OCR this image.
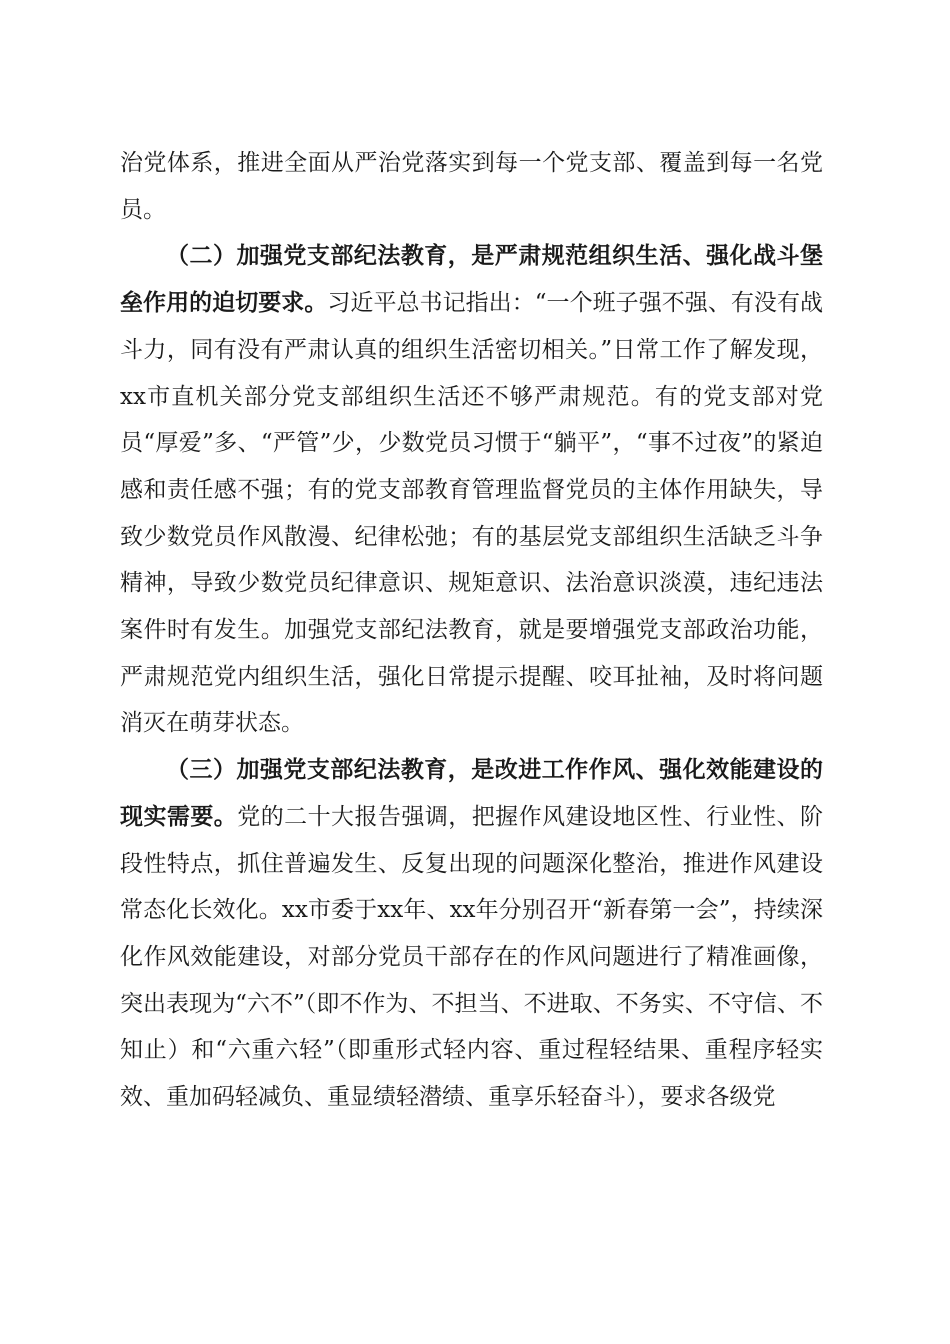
治党体系，推进全面从严治党落实到每一个党支部、覆盖到每一名党员。

（二）加强党支部纪法教育，是严肃规范组织生活、强化战斗堡垒作用的迫切要求。习近平总书记指出：“一个班子强不强、有没有战斗力，同有没有严肃认真的组织生活密切相关。”日常工作了解发现，xx市直机关部分党支部组织生活还不够严肃规范。有的党支部对党员“厚爱”多、“严管”少，少数党员习惯于“躺平”，“事不过夜”的紧迫感和责任感不强；有的党支部教育管理监督党员的主体作用缺失，导致少数党员作风散漫、纪律松弛；有的基层党支部组织生活缺乏斗争精神，导致少数党员纪律意识、规矩意识、法治意识淡漠，违纪违法案件时有发生。加强党支部纪法教育，就是要增强党支部政治功能，严肃规范党内组织生活，强化日常提示提醒、咬耳扯袖，及时将问题消灭在萌芽状态。

（三）加强党支部纪法教育，是改进工作作风、强化效能建设的现实需要。党的二十大报告强调，把握作风建设地区性、行业性、阶段性特点，抓住普遍发生、反复出现的问题深化整治，推进作风建设常态化长效化。xx市委于xx年、xx年分别召开“新春第一会”，持续深化作风效能建设，对部分党员干部存在的作风问题进行了精准画像，突出表现为“六不”（即不作为、不担当、不进取、不务实、不守信、不知止）和“六重六轻”（即重形式轻内容、重过程轻结果、重程序轻实效、重加码轻减负、重显绩轻潜绩、重享乐轻奋斗），要求各级党
